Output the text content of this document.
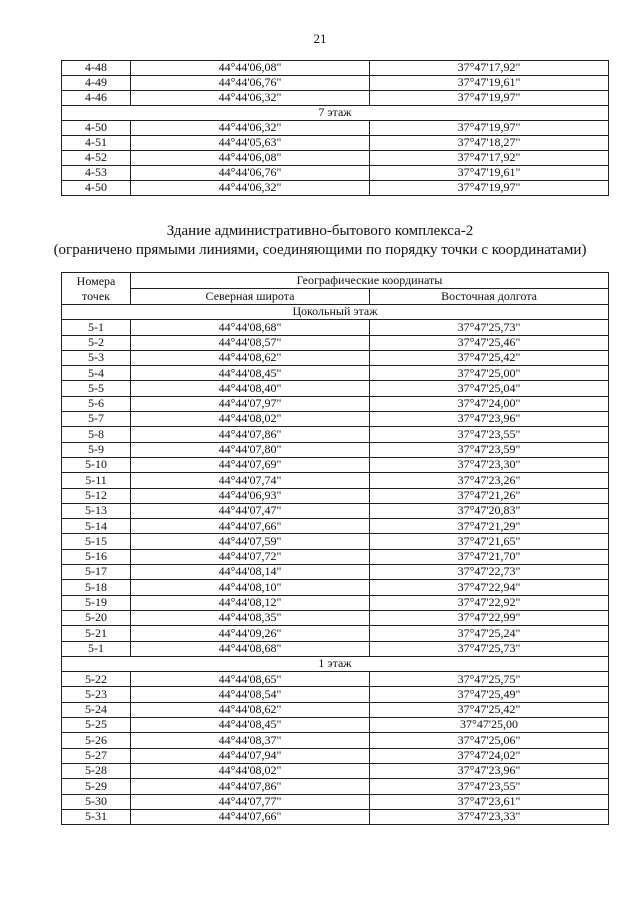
21
4-48	44°44'06,08"	37°47'17,92"
4-49	44°44'06,76"	37°47'19,61"
4-46	44°44'06,32"	37°47'19,97"
7 этаж		
4-50	44°44'06,32"	37°47'19,97"
4-51	44°44'05,63"	37°47'18,27"
4-52	44°44'06,08"	37°47'17,92"
4-53	44°44'06,76"	37°47'19,61"
4-50	44°44'06,32"	37°47'19,97"
Здание административно-бытового комплекса-2
(ограничено прямыми линиями, соединяющими по порядку точки с координатами)
Номера
точек	Географические координаты	
	Северная широта	Восточная долгота
Цокольный этаж		
5-1	44°44'08,68"	37°47'25,73"
5-2	44°44'08,57"	37°47'25,46"
5-3	44°44'08,62"	37°47'25,42"
5-4	44°44'08,45"	37°47'25,00"
5-5	44°44'08,40"	37°47'25,04"
5-6	44°44'07,97"	37°47'24,00"
5-7	44°44'08,02"	37°47'23,96"
5-8	44°44'07,86"	37°47'23,55"
5-9	44°44'07,80"	37°47'23,59"
5-10	44°44'07,69"	37°47'23,30"
5-11	44°44'07,74"	37°47'23,26"
5-12	44°44'06,93"	37°47'21,26"
5-13	44°44'07,47"	37°47'20,83"
5-14	44°44'07,66"	37°47'21,29"
5-15	44°44'07,59"	37°47'21,65"
5-16	44°44'07,72"	37°47'21,70"
5-17	44°44'08,14"	37°47'22,73"
5-18	44°44'08,10"	37°47'22,94"
5-19	44°44'08,12"	37°47'22,92"
5-20	44°44'08,35"	37°47'22,99"
5-21	44°44'09,26"	37°47'25,24"
5-1	44°44'08,68"	37°47'25,73"
1 этаж		
5-22	44°44'08,65"	37°47'25,75"
5-23	44°44'08,54"	37°47'25,49"
5-24	44°44'08,62"	37°47'25,42"
5-25	44°44'08,45"	37°47'25,00
5-26	44°44'08,37"	37°47'25,06"
5-27	44°44'07,94"	37°47'24,02"
5-28	44°44'08,02"	37°47'23,96"
5-29	44°44'07,86"	37°47'23,55"
5-30	44°44'07,77"	37°47'23,61"
5-31	44°44'07,66"	37°47'23,33"
